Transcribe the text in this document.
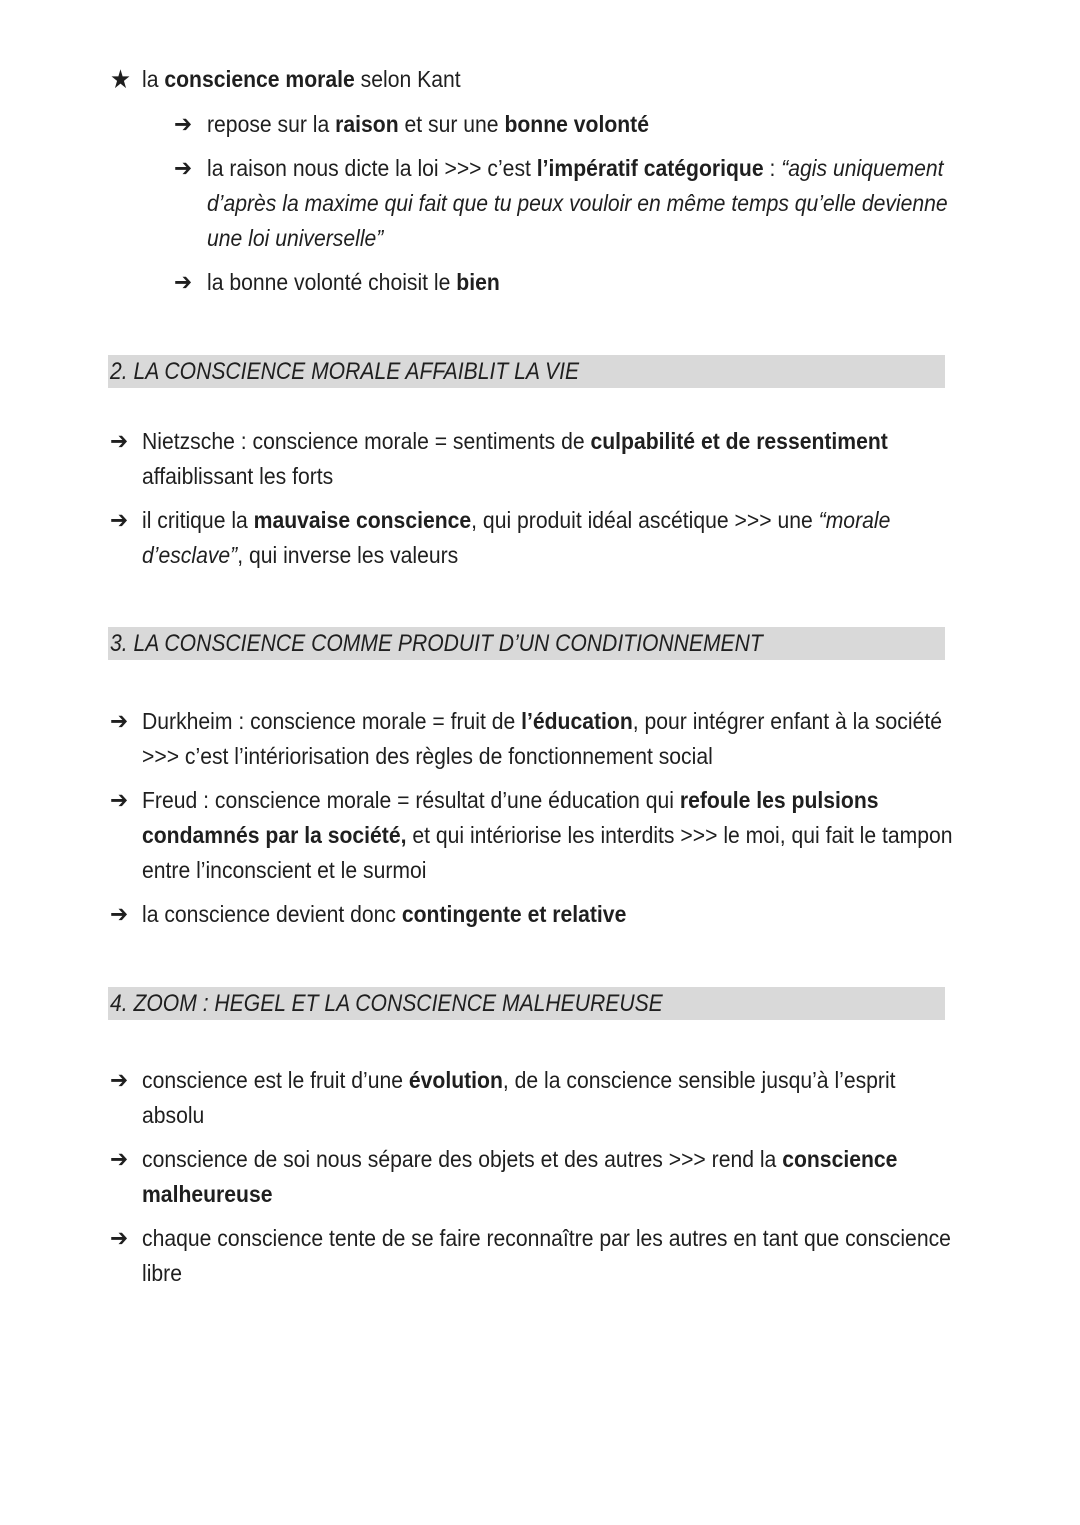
★ la conscience morale selon Kant
➔ repose sur la raison et sur une bonne volonté
➔ la raison nous dicte la loi >>> c’est l’impératif catégorique : “agis uniquement
d’après la maxime qui fait que tu peux vouloir en même temps qu’elle devienne
une loi universelle”
➔ la bonne volonté choisit le bien
2. LA CONSCIENCE MORALE AFFAIBLIT LA VIE
➔ Nietzsche : conscience morale = sentiments de culpabilité et de ressentiment
affaiblissant les forts
➔ il critique la mauvaise conscience, qui produit idéal ascétique >>> une “morale
d’esclave”, qui inverse les valeurs
3. LA CONSCIENCE COMME PRODUIT D’UN CONDITIONNEMENT
➔ Durkheim : conscience morale = fruit de l’éducation, pour intégrer enfant à la société
>>> c’est l’intériorisation des règles de fonctionnement social
➔ Freud : conscience morale = résultat d’une éducation qui refoule les pulsions
condamnés par la société, et qui intériorise les interdits >>> le moi, qui fait le tampon
entre l’inconscient et le surmoi
➔ la conscience devient donc contingente et relative
4. ZOOM : HEGEL ET LA CONSCIENCE MALHEUREUSE
➔ conscience est le fruit d’une évolution, de la conscience sensible jusqu’à l’esprit
absolu
➔ conscience de soi nous sépare des objets et des autres >>> rend la conscience
malheureuse
➔ chaque conscience tente de se faire reconnaître par les autres en tant que conscience
libre
